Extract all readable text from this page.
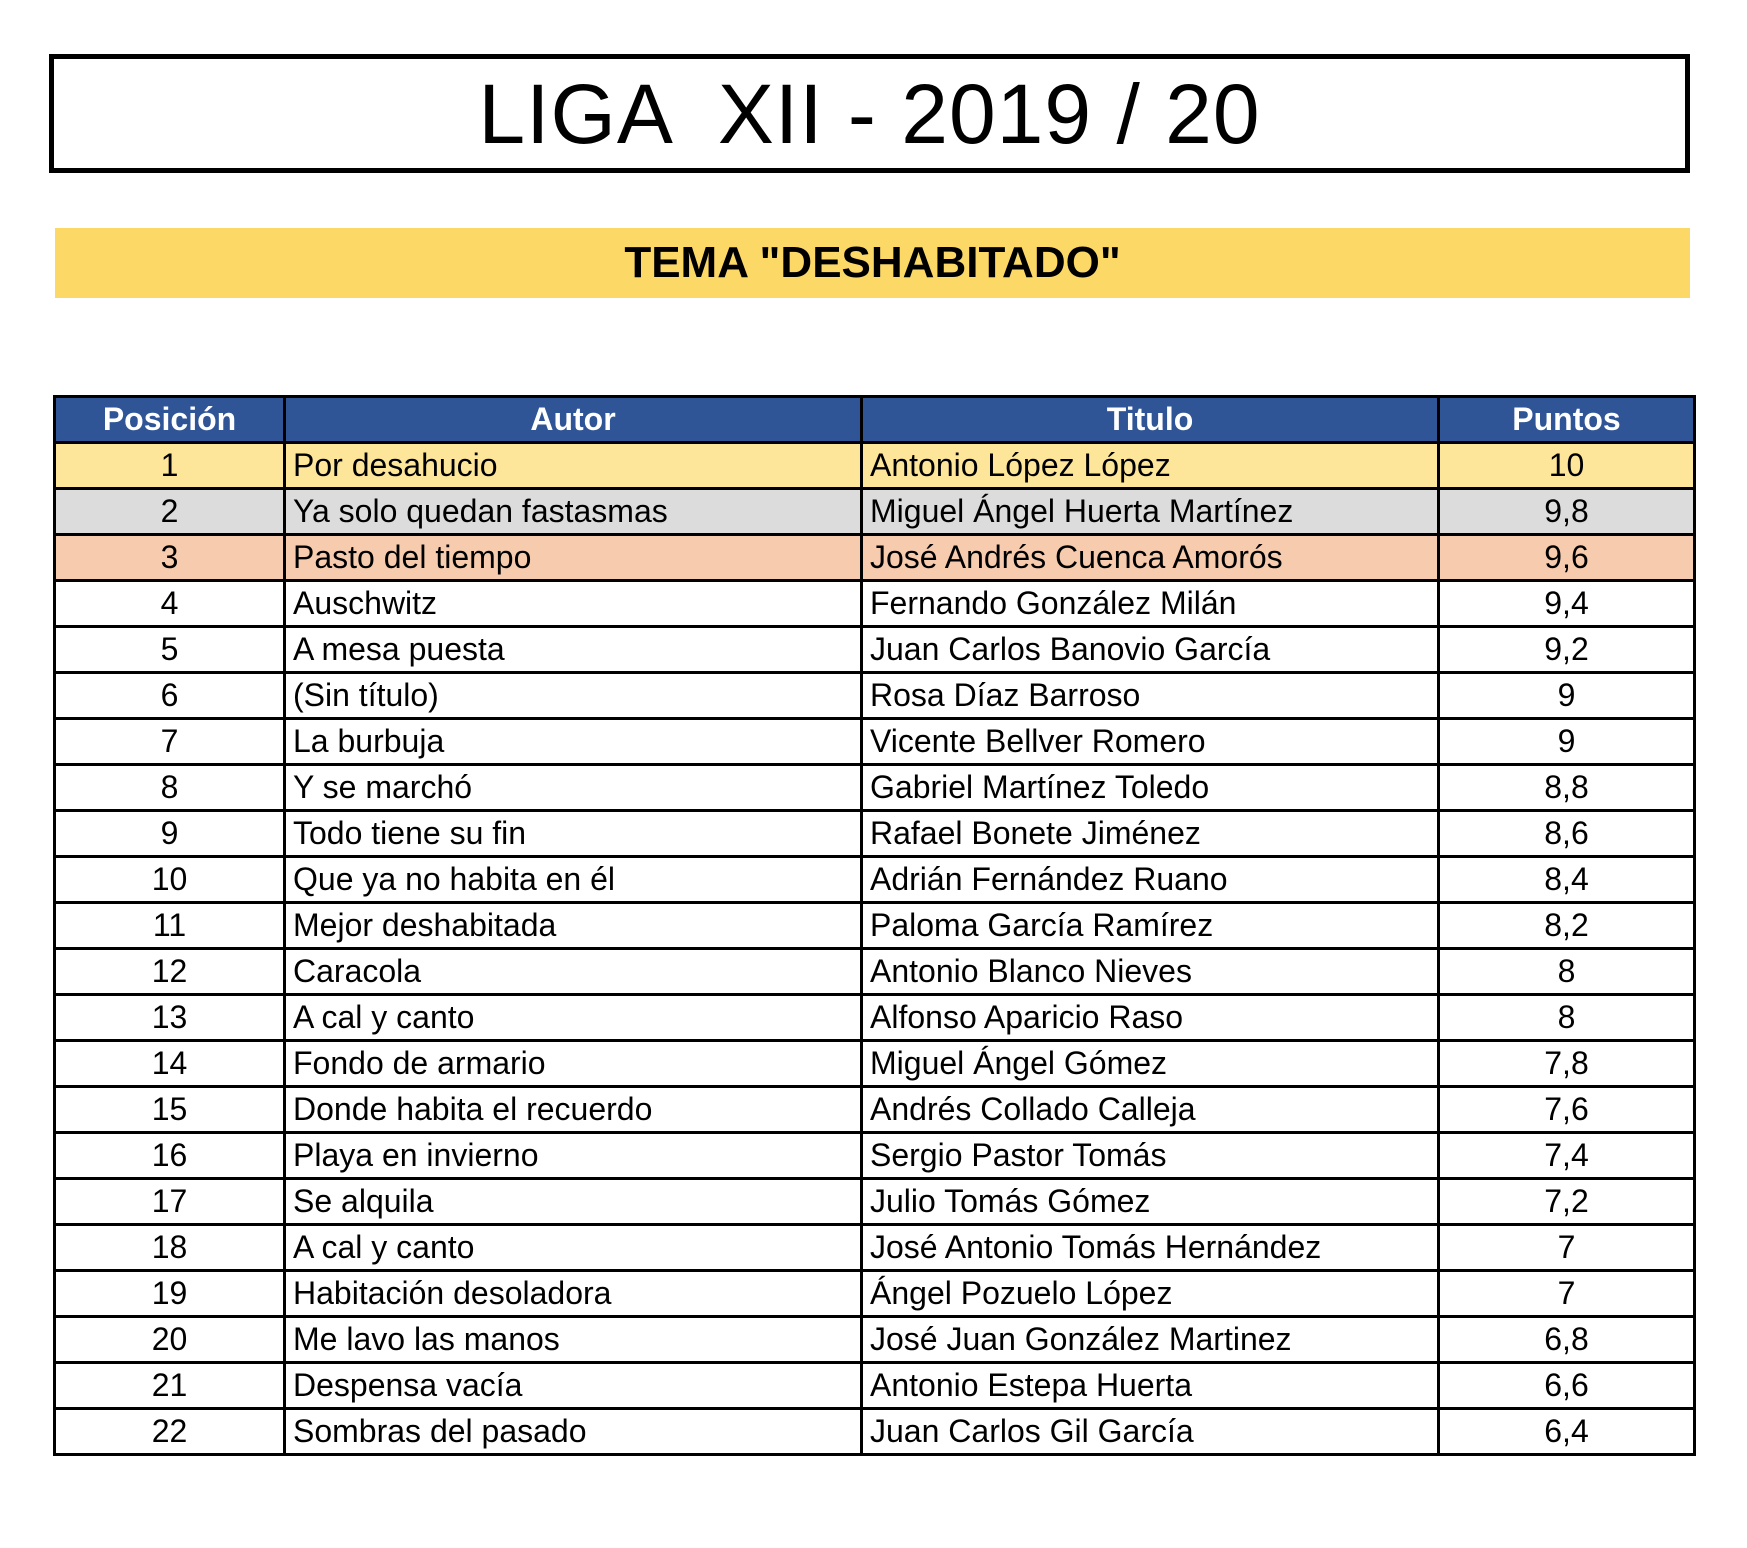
LIGA  XII - 2019 / 20
TEMA "DESHABITADO"
Posición	Autor	Titulo	Puntos
1	Por desahucio	Antonio López López	10
2	Ya solo quedan fastasmas	Miguel Ángel Huerta Martínez	9,8
3	Pasto del tiempo	José Andrés Cuenca Amorós	9,6
4	Auschwitz	Fernando González Milán	9,4
5	A mesa puesta	Juan Carlos Banovio García	9,2
6	(Sin título)	Rosa Díaz Barroso	9
7	La burbuja	Vicente Bellver Romero	9
8	Y se marchó	Gabriel Martínez Toledo	8,8
9	Todo tiene su fin	Rafael Bonete Jiménez	8,6
10	Que ya no habita en él	Adrián Fernández Ruano	8,4
11	Mejor deshabitada	Paloma García Ramírez	8,2
12	Caracola	Antonio Blanco Nieves	8
13	A cal y canto	Alfonso Aparicio Raso	8
14	Fondo de armario	Miguel Ángel Gómez	7,8
15	Donde habita el recuerdo	Andrés Collado Calleja	7,6
16	Playa en invierno	Sergio Pastor Tomás	7,4
17	Se alquila	Julio Tomás Gómez	7,2
18	A cal y canto	José Antonio Tomás Hernández	7
19	Habitación desoladora	Ángel Pozuelo López	7
20	Me lavo las manos	José Juan González Martinez	6,8
21	Despensa vacía	Antonio Estepa Huerta	6,6
22	Sombras del pasado	Juan Carlos Gil García	6,4
